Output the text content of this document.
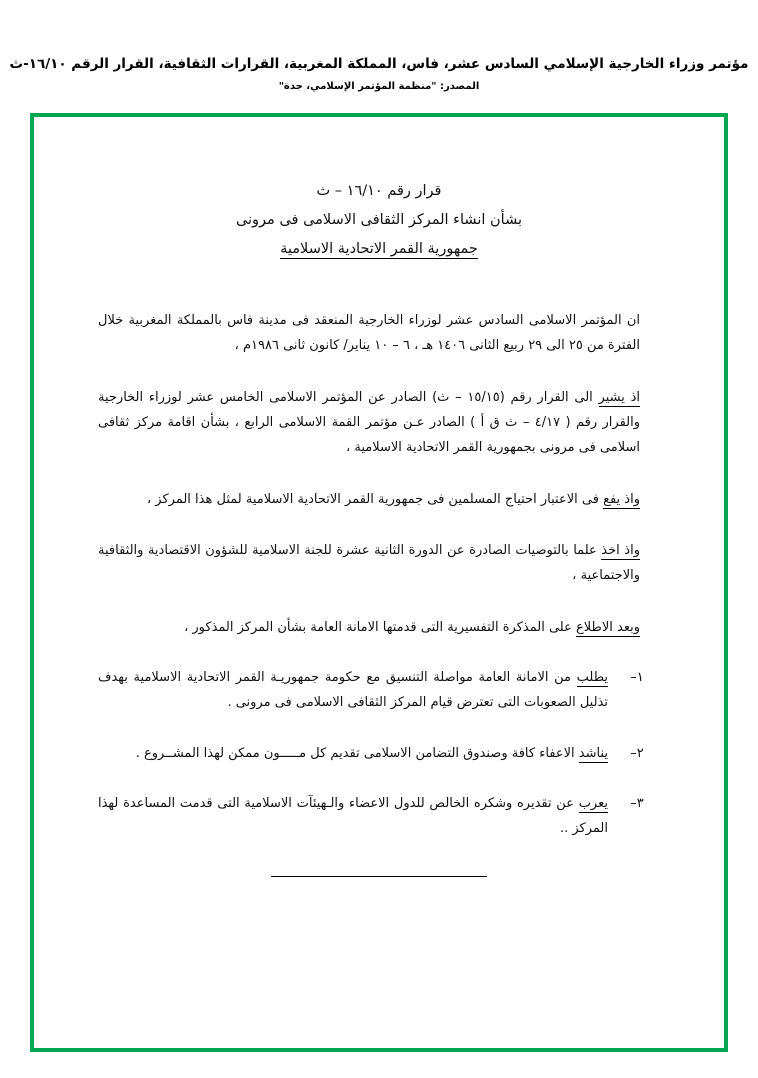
مؤتمر وزراء الخارجية الإسلامي السادس عشر، فاس، المملكة المغربية، القرارات الثقافية، القرار الرقم ١٦/١٠-ث
المصدر: "منظمة المؤتمر الإسلامي، جدة"
قرار رقم ١٦/١٠ – ث
بشأن انشاء المركز الثقافى الاسلامى فى مرونى
جمهورية القمر الاتحادية الاسلامية
ان المؤتمر الاسلامى السادس عشر لوزراء الخارجية المنعقد فى مدينة فاس بالمملكة المغربية خلال الفترة من ٢٥ الى ٢٩ ربيع الثانى ١٤٠٦ هـ ، ٦ – ١٠ يناير/ كانون ثانى ١٩٨٦م ،
اذ يشير الى القرار رقم (١٥/١٥ – ث) الصادر عن المؤتمر الاسلامى الخامس عشر لوزراء الخارجية والقرار رقم ( ٤/١٧ – ث ق أ ) الصادر عـن مؤتمر القمة الاسلامى الرابع ، بشأن اقامة مركز ثقافى اسلامى فى مرونى بجمهورية القمر الاتحادية الاسلامية ،
واذ يفع فى الاعتبار احتياج المسلمين فى جمهورية القمر الاتحادية الاسلامية لمثل هذا المركز ،
واذ اخذ علما بالتوصيات الصادرة عن الدورة الثانية عشرة للجنة الاسلامية للشؤون الاقتصادية والثقافية والاجتماعية ،
وبعد الاطلاع على المذكرة التفسيرية التى قدمتها الامانة العامة بشأن المركز المذكور ،
١–
يطلب من الامانة العامة مواصلة التنسيق مع حكومة جمهوريـة القمر الاتحادية الاسلامية بهدف تذليل الصعوبات التى تعترض قيام المركز الثقافى الاسلامى فى مرونى .
٢–
يناشد الاعفاء كافة وصندوق التضامن الاسلامى تقديم كل مـــــون ممكن لهذا المشــروع .
٣–
يعرب عن تقديره وشكره الخالص للدول الاعضاء والـهيئآت الاسلامية التى قدمت المساعدة لهذا المركز ..
